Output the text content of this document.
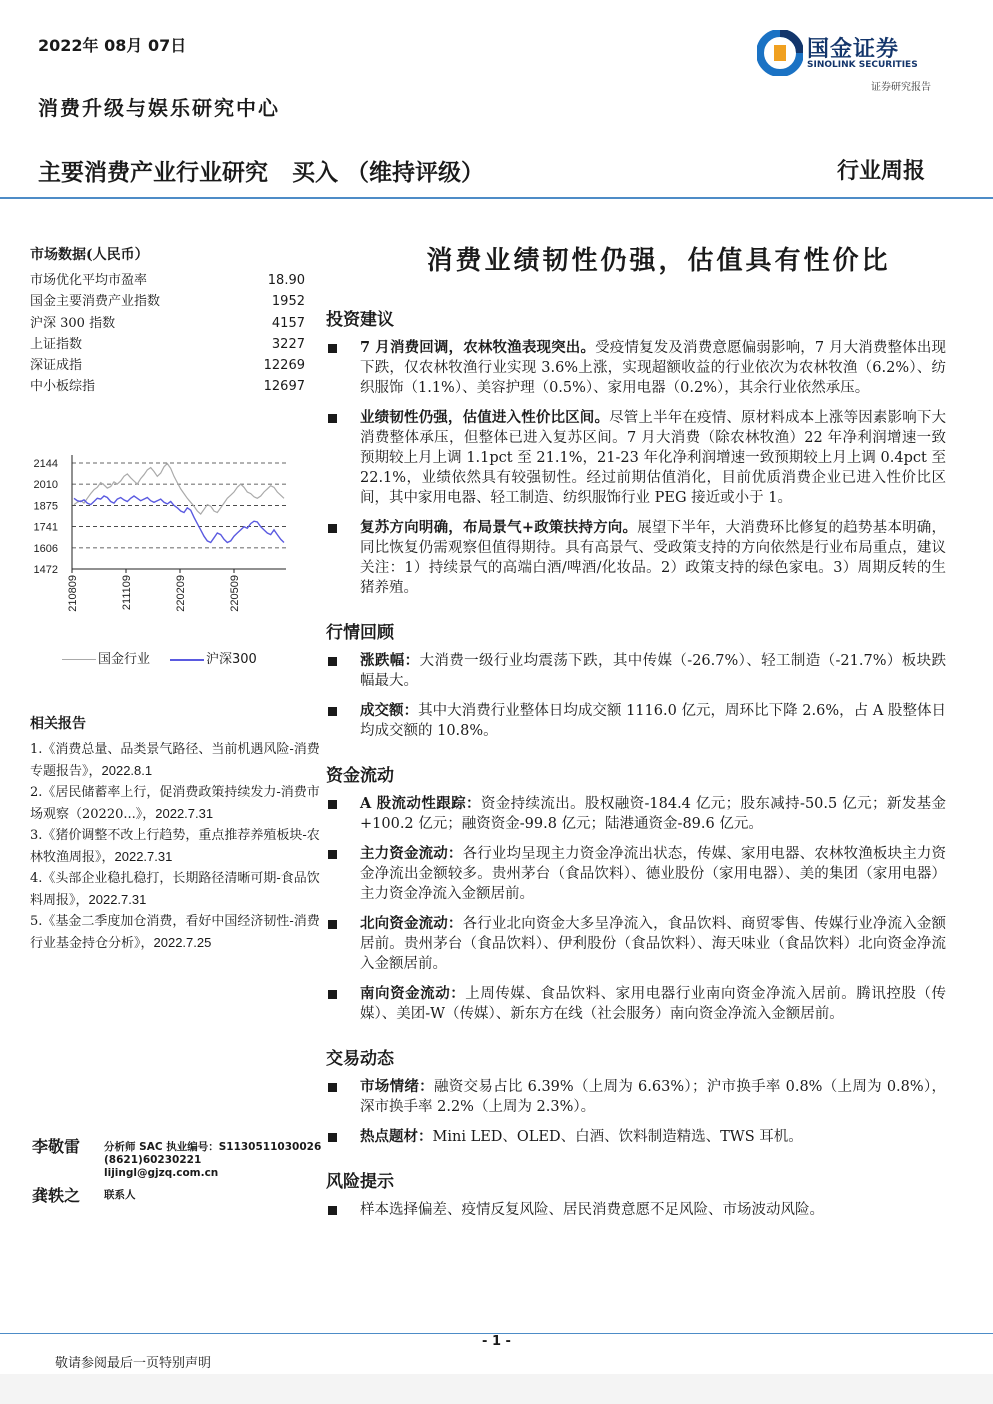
2022年 08月 07日	国金证券
SINOLINK SECURITIES
证券研究报告
消费升级与娱乐研究中心
主要消费产业行业研究   买入 （维持评级）	行业周报
市场数据(人民币）
市场优化平均市盈率	18.90
国金主要消费产业指数	1952
沪深 300 指数	4157
上证指数	3227
深证成指	12269
中小板综指	12697
2144
2010
1875
1741
1606
1472
210809	211109	220209	220509
国金行业	沪深300
相关报告
1.《消费总量、品类景气路径、当前机遇风险-消费专题报告》，2022.8.1
2.《居民储蓄率上行，促消费政策持续发力-消费市场观察（20220...》，2022.7.31
3.《猪价调整不改上行趋势，重点推荐养殖板块-农林牧渔周报》，2022.7.31
4.《头部企业稳扎稳打，长期路径清晰可期-食品饮料周报》，2022.7.31
5.《基金二季度加仓消费，看好中国经济韧性-消费行业基金持仓分析》，2022.7.25
李敬雷 分析师 SAC 执业编号：S1130511030026
(8621)60230221
lijingl@gjzq.com.cn
龚轶之 联系人
消费业绩韧性仍强，估值具有性价比
投资建议
7 月消费回调，农林牧渔表现突出。受疫情复发及消费意愿偏弱影响，7 月大消费整体出现下跌，仅农林牧渔行业实现 3.6%上涨，实现超额收益的行业依次为农林牧渔（6.2%）、纺织服饰（1.1%）、美容护理（0.5%）、家用电器（0.2%），其余行业依然承压。
业绩韧性仍强，估值进入性价比区间。尽管上半年在疫情、原材料成本上涨等因素影响下大消费整体承压，但整体已进入复苏区间。7 月大消费（除农林牧渔）22 年净利润增速一致预期较上月上调 1.1pct 至 21.1%，21-23 年化净利润增速一致预期较上月上调 0.4pct 至 22.1%，业绩依然具有较强韧性。经过前期估值消化，目前优质消费企业已进入性价比区间，其中家用电器、轻工制造、纺织服饰行业 PEG 接近或小于 1。
复苏方向明确，布局景气+政策扶持方向。展望下半年，大消费环比修复的趋势基本明确，同比恢复仍需观察但值得期待。具有高景气、受政策支持的方向依然是行业布局重点，建议关注：1）持续景气的高端白酒/啤酒/化妆品。2）政策支持的绿色家电。3）周期反转的生猪养殖。
行情回顾
涨跌幅：大消费一级行业均震荡下跌，其中传媒（-26.7%）、轻工制造（-21.7%）板块跌幅最大。
成交额：其中大消费行业整体日均成交额 1116.0 亿元，周环比下降 2.6%，占 A 股整体日均成交额的 10.8%。
资金流动
A 股流动性跟踪：资金持续流出。股权融资-184.4 亿元；股东减持-50.5 亿元；新发基金+100.2 亿元；融资资金-99.8 亿元；陆港通资金-89.6 亿元。
主力资金流动：各行业均呈现主力资金净流出状态，传媒、家用电器、农林牧渔板块主力资金净流出金额较多。贵州茅台（食品饮料）、德业股份（家用电器）、美的集团（家用电器）主力资金净流入金额居前。
北向资金流动：各行业北向资金大多呈净流入，食品饮料、商贸零售、传媒行业净流入金额居前。贵州茅台（食品饮料）、伊利股份（食品饮料）、海天味业（食品饮料）北向资金净流入金额居前。
南向资金流动：上周传媒、食品饮料、家用电器行业南向资金净流入居前。腾讯控股（传媒）、美团-W（传媒）、新东方在线（社会服务）南向资金净流入金额居前。
交易动态
市场情绪：融资交易占比 6.39%（上周为 6.63%）；沪市换手率 0.8%（上周为 0.8%），深市换手率 2.2%（上周为 2.3%）。
热点题材：Mini LED、OLED、白酒、饮料制造精选、TWS 耳机。
风险提示
样本选择偏差、疫情反复风险、居民消费意愿不足风险、市场波动风险。
- 1 -
敬请参阅最后一页特别声明
